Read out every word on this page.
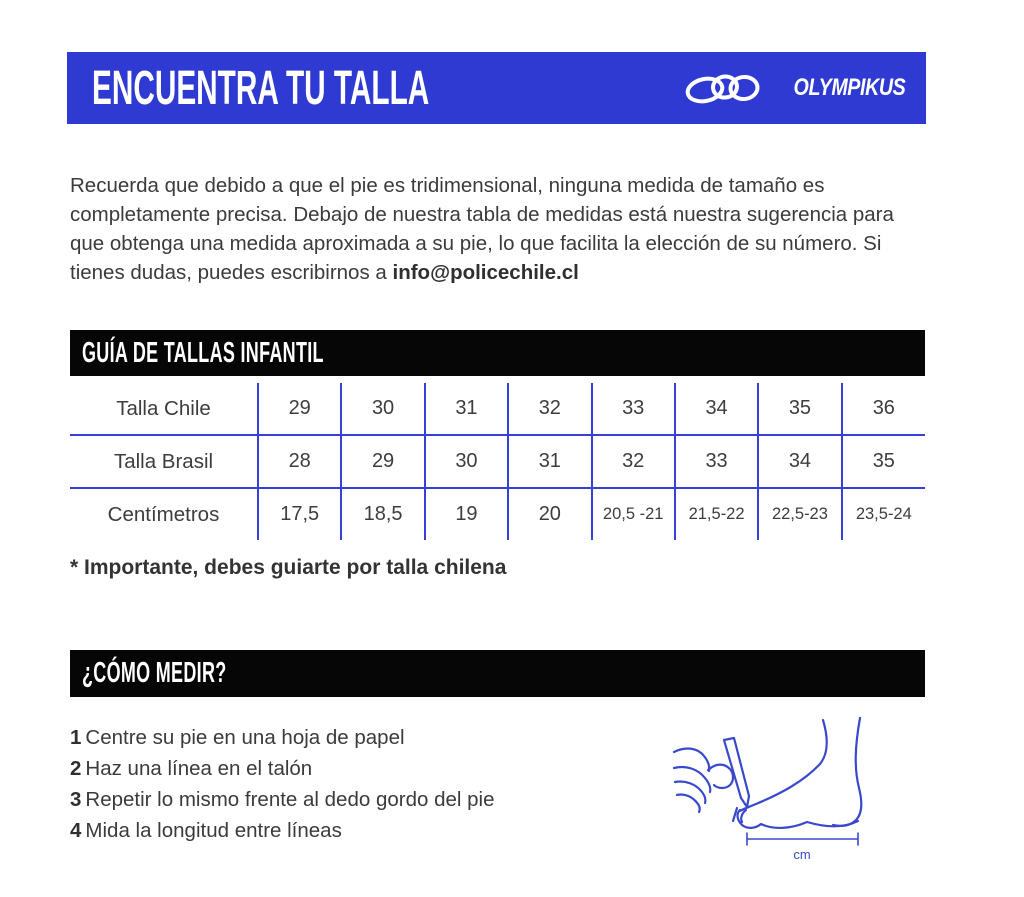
ENCUENTRA TU TALLA	OLYMPIKUS

Recuerda que debido a que el pie es tridimensional, ninguna medida de tamaño es completamente precisa. Debajo de nuestra tabla de medidas está nuestra sugerencia para que obtenga una medida aproximada a su pie, lo que facilita la elección de su número. Si tienes dudas, puedes escribirnos a info@policechile.cl

GUÍA DE TALLAS INFANTIL
Talla Chile	29	30	31	32	33	34	35	36
Talla Brasil	28	29	30	31	32	33	34	35
Centímetros	17,5	18,5	19	20	20,5 -21	21,5-22	22,5-23	23,5-24
* Importante, debes guiarte por talla chilena
¿CÓMO MEDIR?
1 Centre su pie en una hoja de papel
2 Haz una línea en el talón
3 Repetir lo mismo frente al dedo gordo del pie
4 Mida la longitud entre líneas
cm
